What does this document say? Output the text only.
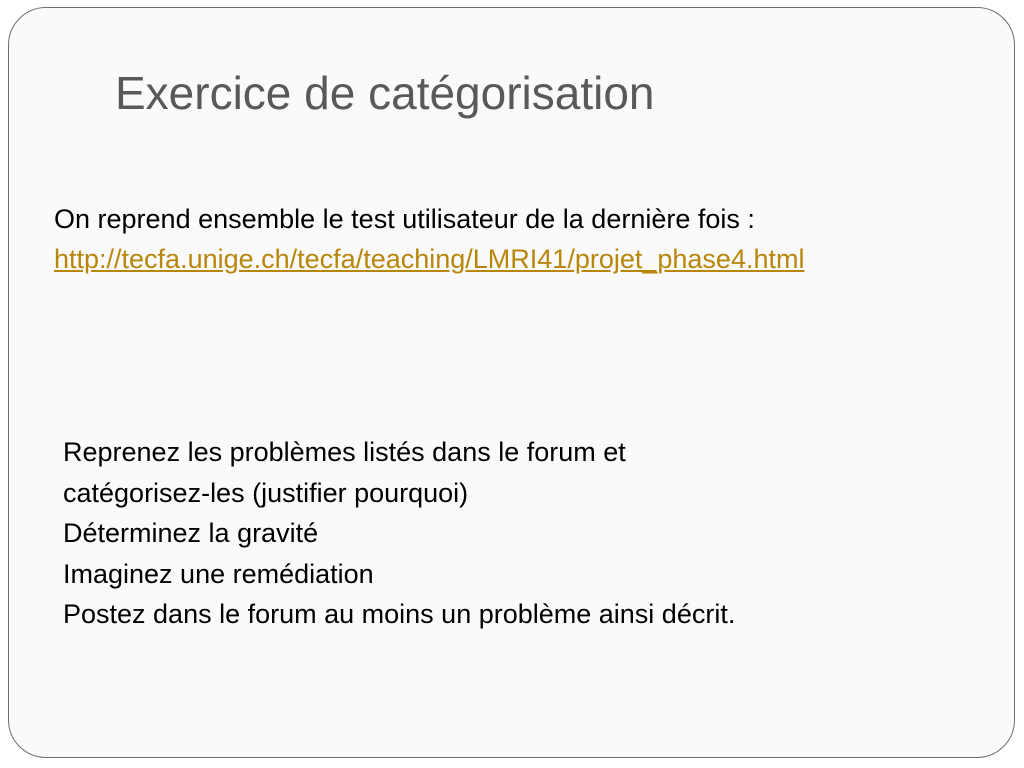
Exercice de catégorisation
On reprend ensemble le test utilisateur de la dernière fois :
http://tecfa.unige.ch/tecfa/teaching/LMRI41/projet_phase4.html
Reprenez les problèmes listés dans le forum et
catégorisez-les (justifier pourquoi)
Déterminez la gravité
Imaginez une remédiation
Postez dans le forum au moins un problème ainsi décrit.
